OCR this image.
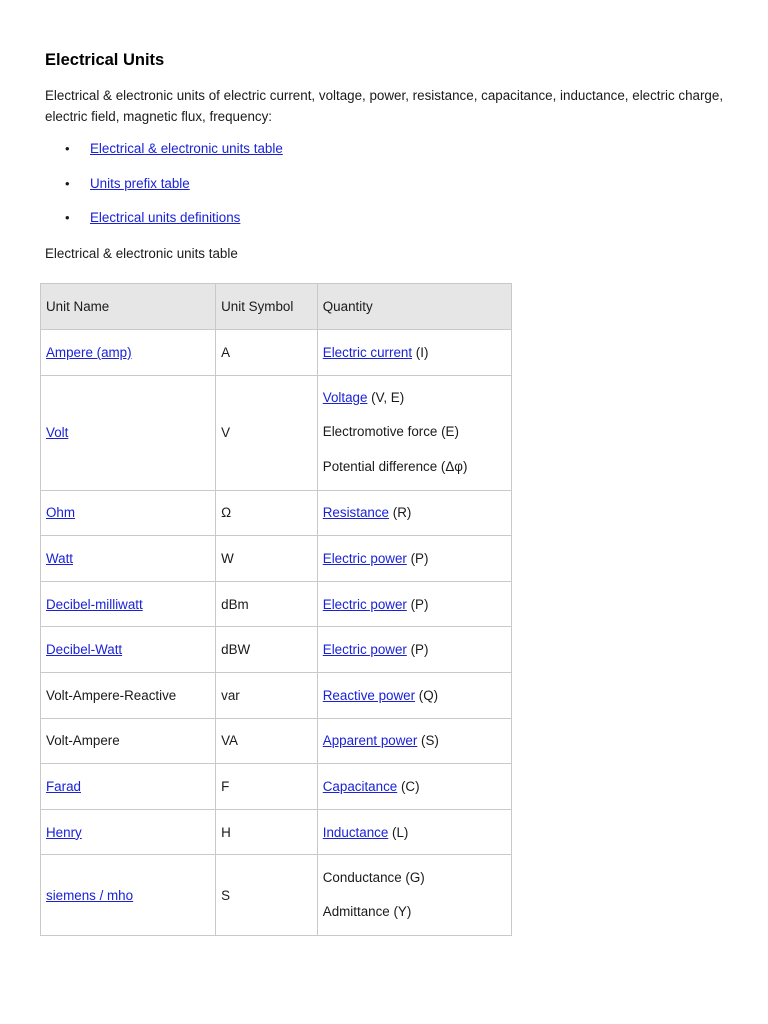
Electrical Units

Electrical & electronic units of electric current, voltage, power, resistance, capacitance, inductance, electric charge, electric field, magnetic flux, frequency:

• Electrical & electronic units table
• Units prefix table
• Electrical units definitions

Electrical & electronic units table

Unit Name	Unit Symbol	Quantity
Ampere (amp)	A	Electric current (I)
Volt	V	Voltage (V, E)
Electromotive force (E)
Potential difference (Δφ)

Ohm	Ω	Resistance (R)
Watt	W	Electric power (P)
Decibel-milliwatt	dBm	Electric power (P)
Decibel-Watt	dBW	Electric power (P)
Volt-Ampere-Reactive	var	Reactive power (Q)
Volt-Ampere	VA	Apparent power (S)
Farad	F	Capacitance (C)
Henry	H	Inductance (L)
siemens / mho	S	Conductance (G)
Admittance (Y)
